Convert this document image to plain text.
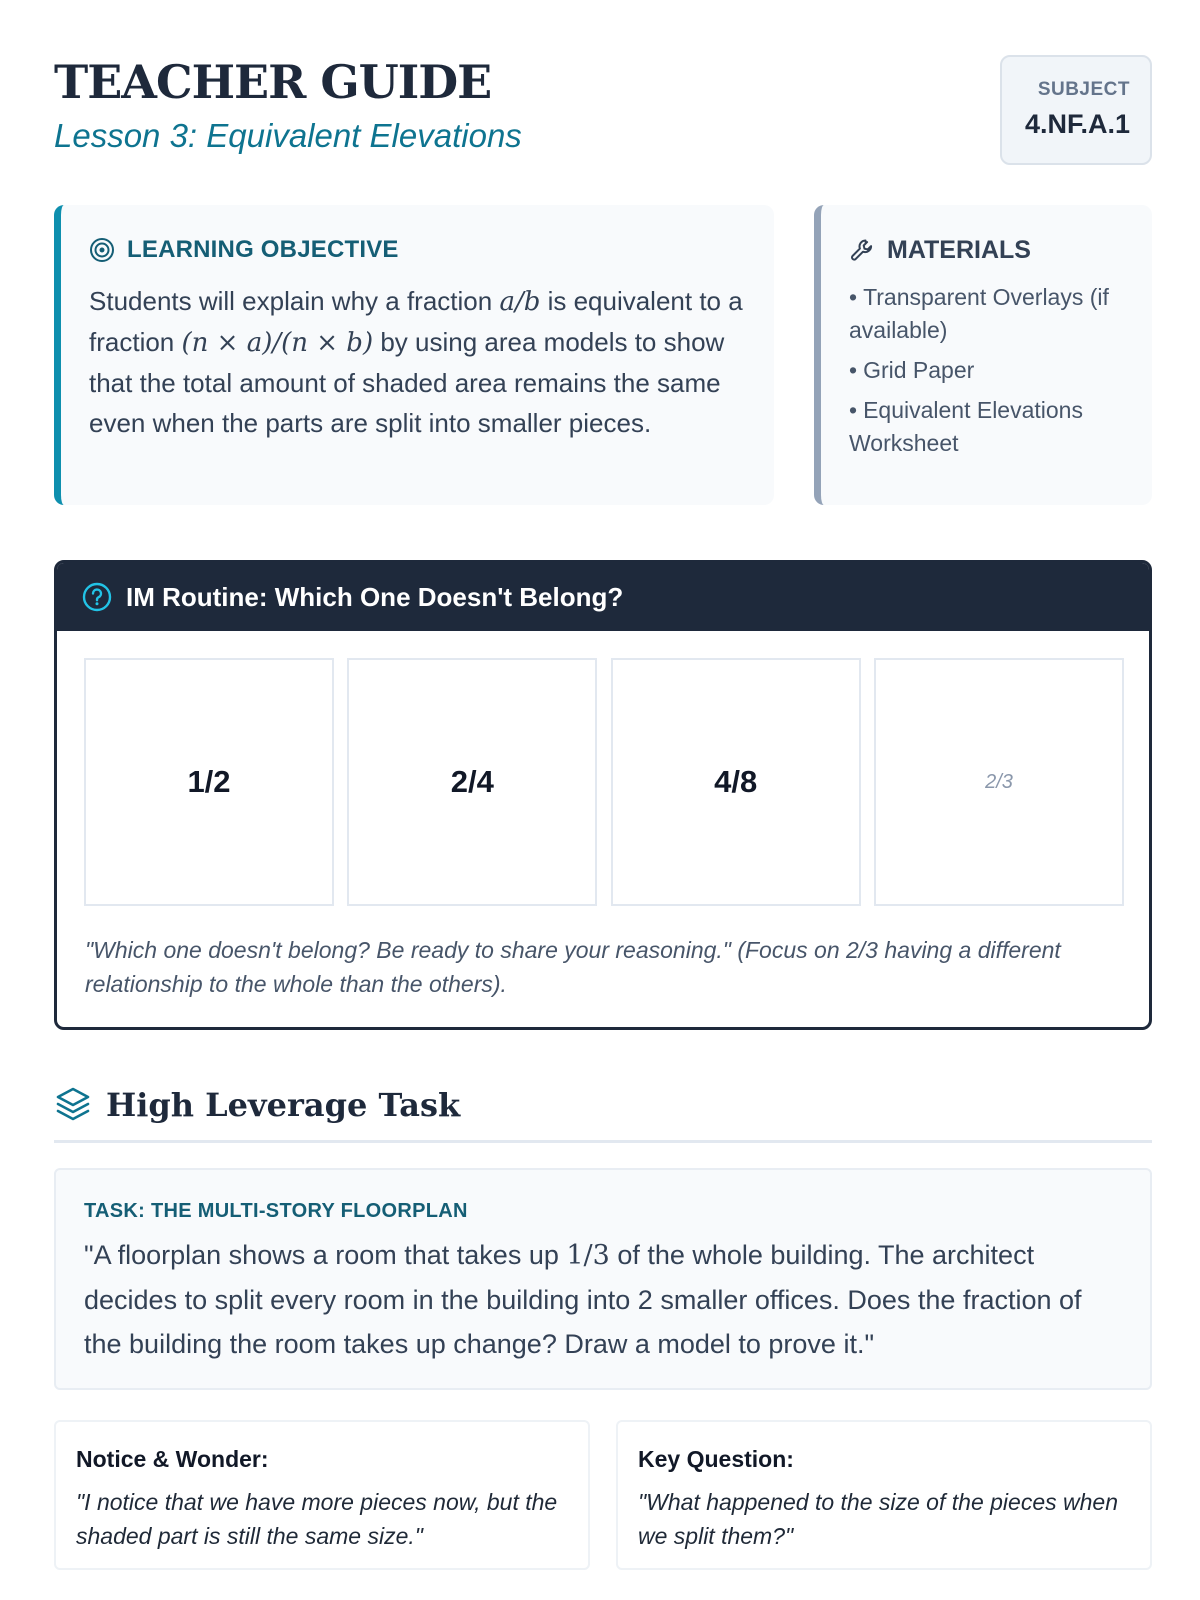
TEACHER GUIDE
Lesson 3: Equivalent Elevations
SUBJECT
4.NF.A.1
LEARNING OBJECTIVE

Students will explain why a fraction a/b is equivalent to a fraction (n × a)/(n × b) by using area models to show that the total amount of shaded area remains the same even when the parts are split into smaller pieces.

MATERIALS
• Transparent Overlays (if available)
• Grid Paper
• Equivalent Elevations Worksheet
IM Routine: Which One Doesn't Belong?
1/2	2/4	4/8	2/3

"Which one doesn't belong? Be ready to share your reasoning." (Focus on 2/3 having a different relationship to the whole than the others).

High Leverage Task
TASK: THE MULTI-STORY FLOORPLAN

"A floorplan shows a room that takes up 1/3 of the whole building. The architect decides to split every room in the building into 2 smaller offices. Does the fraction of the building the room takes up change? Draw a model to prove it."

Notice & Wonder:

"I notice that we have more pieces now, but the shaded part is still the same size."

Key Question:

"What happened to the size of the pieces when we split them?"
